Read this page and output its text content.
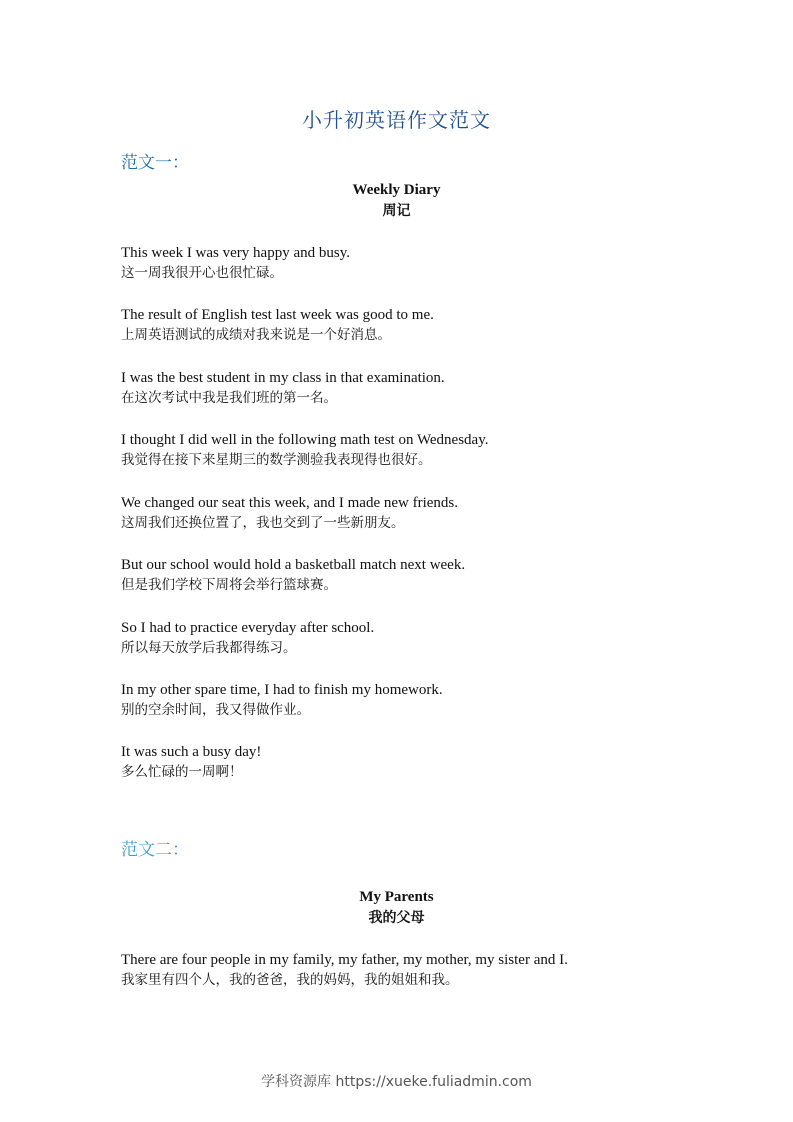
小升初英语作文范文
范文一：
Weekly Diary
周记
This week I was very happy and busy.
这一周我很开心也很忙碌。
The result of English test last week was good to me.
上周英语测试的成绩对我来说是一个好消息。
I was the best student in my class in that examination.
在这次考试中我是我们班的第一名。
I thought I did well in the following math test on Wednesday.
我觉得在接下来星期三的数学测验我表现得也很好。
We changed our seat this week, and I made new friends.
这周我们还换位置了，我也交到了一些新朋友。
But our school would hold a basketball match next week.
但是我们学校下周将会举行篮球赛。
So I had to practice everyday after school.
所以每天放学后我都得练习。
In my other spare time, I had to finish my homework.
别的空余时间，我又得做作业。
It was such a busy day!
多么忙碌的一周啊！
范文二：
My Parents
我的父母
There are four people in my family, my father, my mother, my sister and I.
我家里有四个人，我的爸爸，我的妈妈，我的姐姐和我。
学科资源库 https://xueke.fuliadmin.com
